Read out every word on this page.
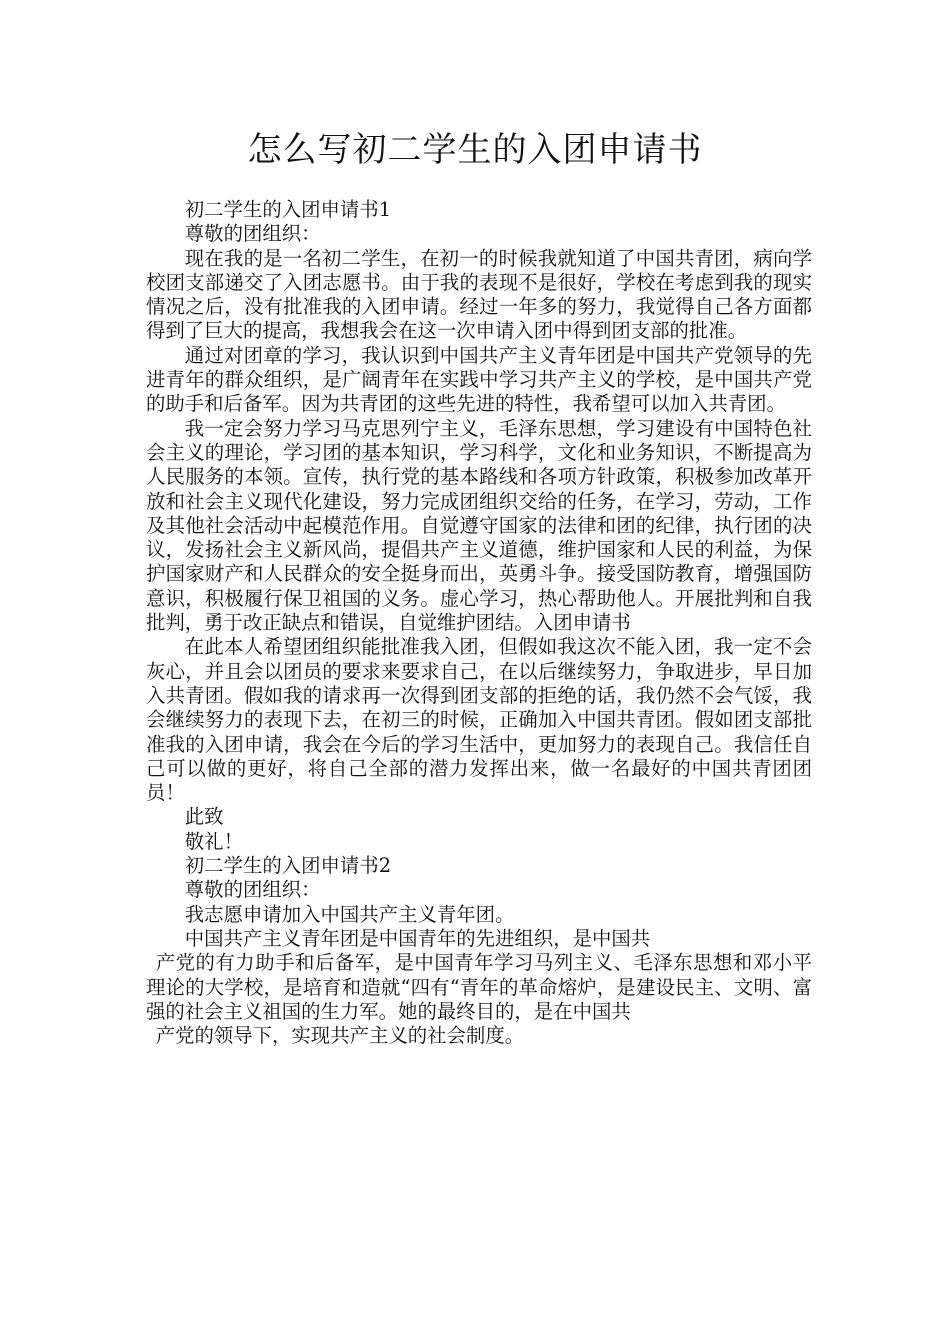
怎么写初二学生的入团申请书

初二学生的入团申请书1

尊敬的团组织：

现在我的是一名初二学生，在初一的时候我就知道了中国共青团，病向学校团支部递交了入团志愿书。由于我的表现不是很好，学校在考虑到我的现实情况之后，没有批准我的入团申请。经过一年多的努力，我觉得自己各方面都得到了巨大的提高，我想我会在这一次申请入团中得到团支部的批准。

通过对团章的学习，我认识到中国共产主义青年团是中国共产党领导的先进青年的群众组织，是广阔青年在实践中学习共产主义的学校，是中国共产党的助手和后备军。因为共青团的这些先进的特性，我希望可以加入共青团。

我一定会努力学习马克思列宁主义，毛泽东思想，学习建设有中国特色社会主义的理论，学习团的基本知识，学习科学，文化和业务知识，不断提高为人民服务的本领。宣传，执行党的基本路线和各项方针政策，积极参加改革开放和社会主义现代化建设，努力完成团组织交给的任务，在学习，劳动，工作及其他社会活动中起模范作用。自觉遵守国家的法律和团的纪律，执行团的决议，发扬社会主义新风尚，提倡共产主义道德，维护国家和人民的利益，为保护国家财产和人民群众的安全挺身而出，英勇斗争。接受国防教育，增强国防意识，积极履行保卫祖国的义务。虚心学习，热心帮助他人。开展批判和自我批判，勇于改正缺点和错误，自觉维护团结。入团申请书

在此本人希望团组织能批准我入团，但假如我这次不能入团，我一定不会灰心，并且会以团员的要求来要求自己，在以后继续努力，争取进步，早日加入共青团。假如我的请求再一次得到团支部的拒绝的话，我仍然不会气馁，我会继续努力的表现下去，在初三的时候，正确加入中国共青团。假如团支部批准我的入团申请，我会在今后的学习生活中，更加努力的表现自己。我信任自己可以做的更好，将自己全部的潜力发挥出来，做一名最好的中国共青团团员！

此致

敬礼！

初二学生的入团申请书2

尊敬的团组织：

我志愿申请加入中国共产主义青年团。

中国共产主义青年团是中国青年的先进组织，是中国共

产党的有力助手和后备军，是中国青年学习马列主义、毛泽东思想和邓小平理论的大学校，是培育和造就“四有“青年的革命熔炉，是建设民主、文明、富强的社会主义祖国的生力军。她的最终目的，是在中国共

产党的领导下，实现共产主义的社会制度。
